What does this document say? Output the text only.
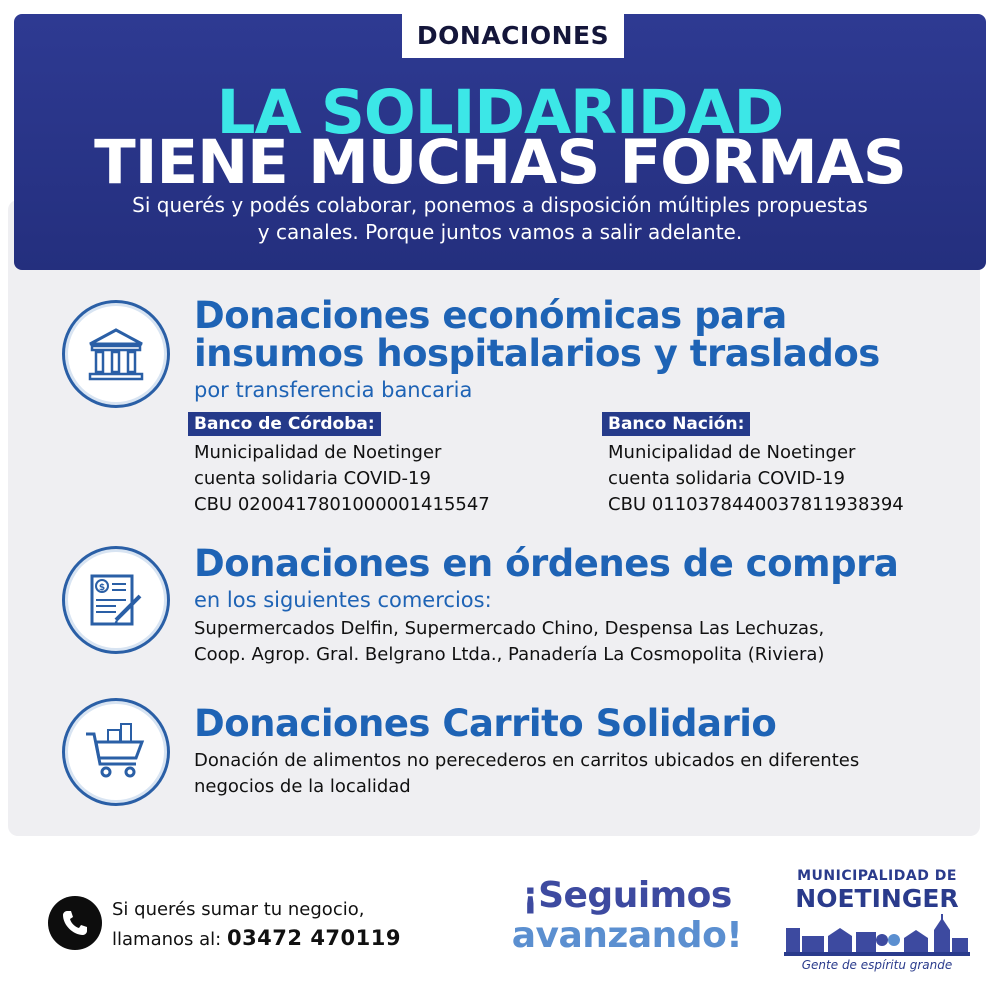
DONACIONES
LA SOLIDARIDAD
TIENE MUCHAS FORMAS
Si querés y podés colaborar, ponemos a disposición múltiples propuestas
y canales. Porque juntos vamos a salir adelante.
Donaciones económicas para
insumos hospitalarios y traslados
por transferencia bancaria
Banco de Córdoba:
Municipalidad de Noetinger
cuenta solidaria COVID-19
CBU 0200417801000001415547
Banco Nación:
Municipalidad de Noetinger
cuenta solidaria COVID-19
CBU 0110378440037811938394
$
Donaciones en órdenes de compra
en los siguientes comercios:
Supermercados Delfin, Supermercado Chino, Despensa Las Lechuzas,
Coop. Agrop. Gral. Belgrano Ltda., Panadería La Cosmopolita (Riviera)
Donaciones Carrito Solidario
Donación de alimentos no perecederos en carritos ubicados en diferentes
negocios de la localidad
Si querés sumar tu negocio,
llamanos al: 03472 470119
¡Seguimos
avanzando!
MUNICIPALIDAD DE
NOETINGER
Gente de espíritu grande
